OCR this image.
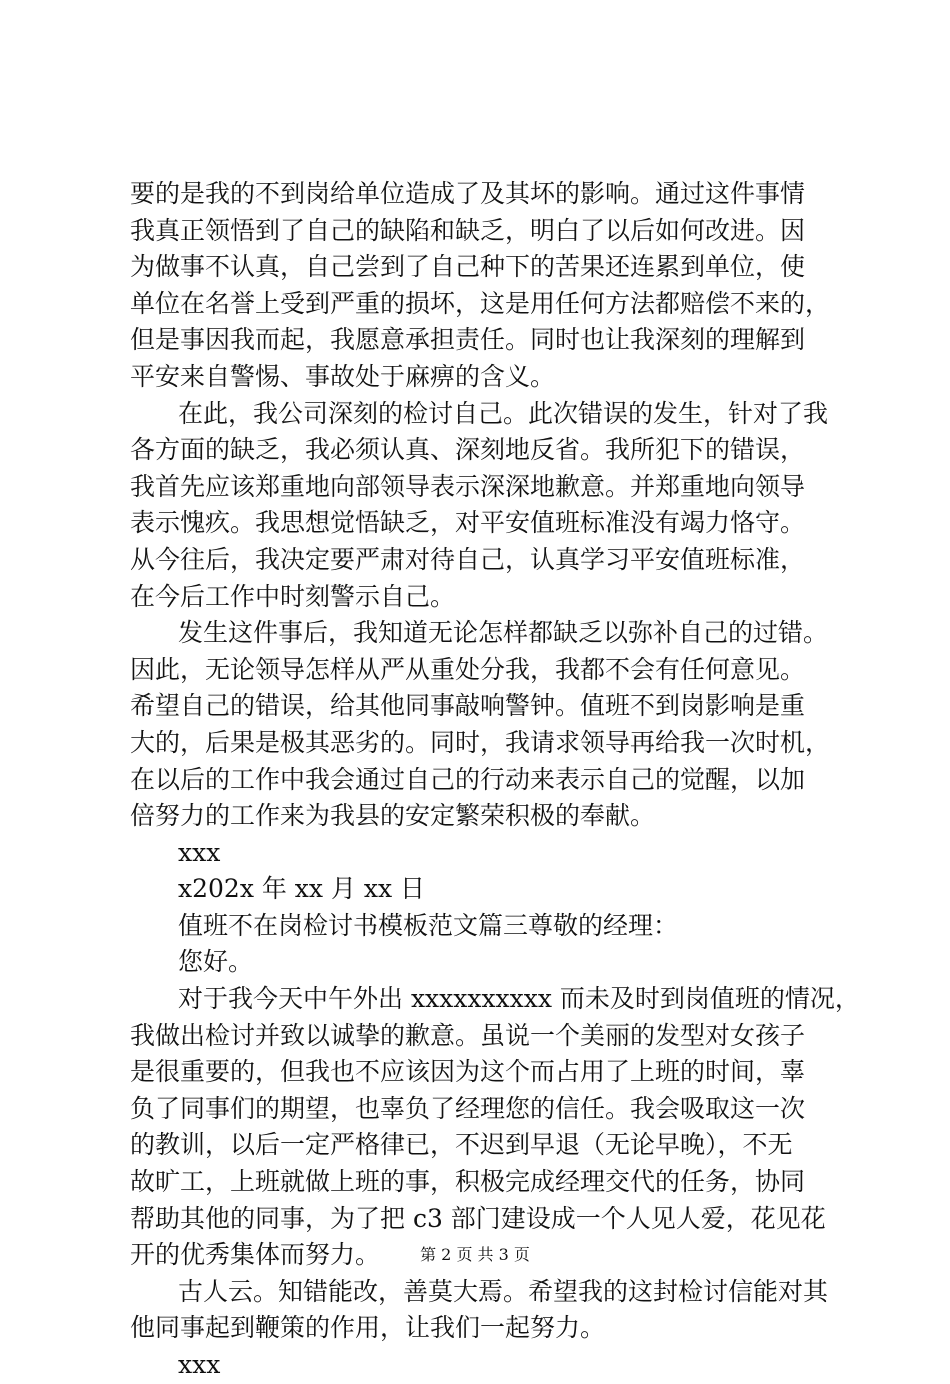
要的是我的不到岗给单位造成了及其坏的影响。通过这件事情
我真正领悟到了自己的缺陷和缺乏，明白了以后如何改进。因
为做事不认真，自己尝到了自己种下的苦果还连累到单位，使
单位在名誉上受到严重的损坏，这是用任何方法都赔偿不来的，
但是事因我而起，我愿意承担责任。同时也让我深刻的理解到
平安来自警惕、事故处于麻痹的含义。
在此，我公司深刻的检讨自己。此次错误的发生，针对了我
各方面的缺乏，我必须认真、深刻地反省。我所犯下的错误，
我首先应该郑重地向部领导表示深深地歉意。并郑重地向领导
表示愧疚。我思想觉悟缺乏，对平安值班标准没有竭力恪守。
从今往后，我决定要严肃对待自己，认真学习平安值班标准，
在今后工作中时刻警示自己。
发生这件事后，我知道无论怎样都缺乏以弥补自己的过错。
因此，无论领导怎样从严从重处分我，我都不会有任何意见。
希望自己的错误，给其他同事敲响警钟。值班不到岗影响是重
大的，后果是极其恶劣的。同时，我请求领导再给我一次时机，
在以后的工作中我会通过自己的行动来表示自己的觉醒，以加
倍努力的工作来为我县的安定繁荣积极的奉献。
xxx
x202x 年 xx 月 xx 日
值班不在岗检讨书模板范文篇三尊敬的经理：
您好。
对于我今天中午外出 xxxxxxxxxx 而未及时到岗值班的情况，
我做出检讨并致以诚挚的歉意。虽说一个美丽的发型对女孩子
是很重要的，但我也不应该因为这个而占用了上班的时间，辜
负了同事们的期望，也辜负了经理您的信任。我会吸取这一次
的教训，以后一定严格律已，不迟到早退（无论早晚），不无
故旷工，上班就做上班的事，积极完成经理交代的任务，协同
帮助其他的同事，为了把 c3 部门建设成一个人见人爱，花见花
开的优秀集体而努力。
古人云。知错能改，善莫大焉。希望我的这封检讨信能对其
他同事起到鞭策的作用，让我们一起努力。
xxx
第 2 页 共 3 页
